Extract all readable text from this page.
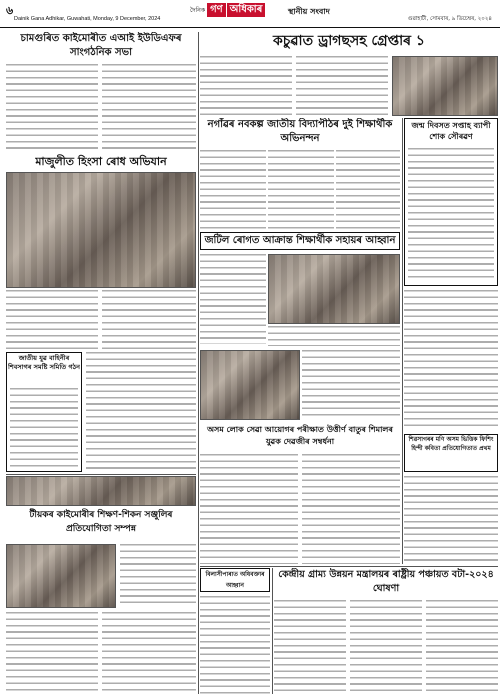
৬
Dainik Gana Adhikar, Guwahati, Monday, 9 December, 2024
দৈনিক গণ অধিকাৰ	স্থানীয় সংবাদ
গুৱাহাটী, সোমবাৰ, ৯ ডিচেম্বৰ, ২০২৪
চামগুৰিত কাইমোৰীত এআই ইউডিএফৰ সাংগঠনিক সভা
মাজুলীত হিংসা ৰোধ অভিযান
কচুৱাত ড্ৰাগছসহ গ্ৰেপ্তাৰ ১
নগাঁৱৰ নবকল্প জাতীয় বিদ্যাপীঠৰ দুই শিক্ষাৰ্থীক অভিনন্দন
জন্ম দিবসত সপ্তাহ ব্যাপী শোক সৌৰৱণ
জটিল ৰোগত আক্ৰান্ত শিক্ষাৰ্থীক সহায়ৰ আহ্বান
জাতীয় যুৱ বাহিনীৰ শিবসাগৰ সমষ্টি সমিতি গঠন
টীয়কৰ কাইমোৰীৰ শিক্ষণ-শিকন সঞ্জুলিৰ প্ৰতিযোগিতা সম্পন্ন
অসম লোক সেৱা আয়োগৰ পৰীক্ষাত উত্তীৰ্ণ বাতুৰ শিমালৰ যুৱক দেৱজীৰ সম্বৰ্ধনা	শিৱসাগৰৰ মণি অসম ভিত্তিক ফিশিং হিন্দী কবিতা প্ৰতিযোগিতাত প্ৰথম
বিলাসীপাৰাত অধিবক্তাৰ আহ্বান
কেন্দ্ৰীয় গ্ৰাম্য উন্নয়ন মন্ত্ৰালয়ৰ ৰাষ্ট্ৰীয় পঞ্চায়ত বটা-২০২৪ ঘোষণা
